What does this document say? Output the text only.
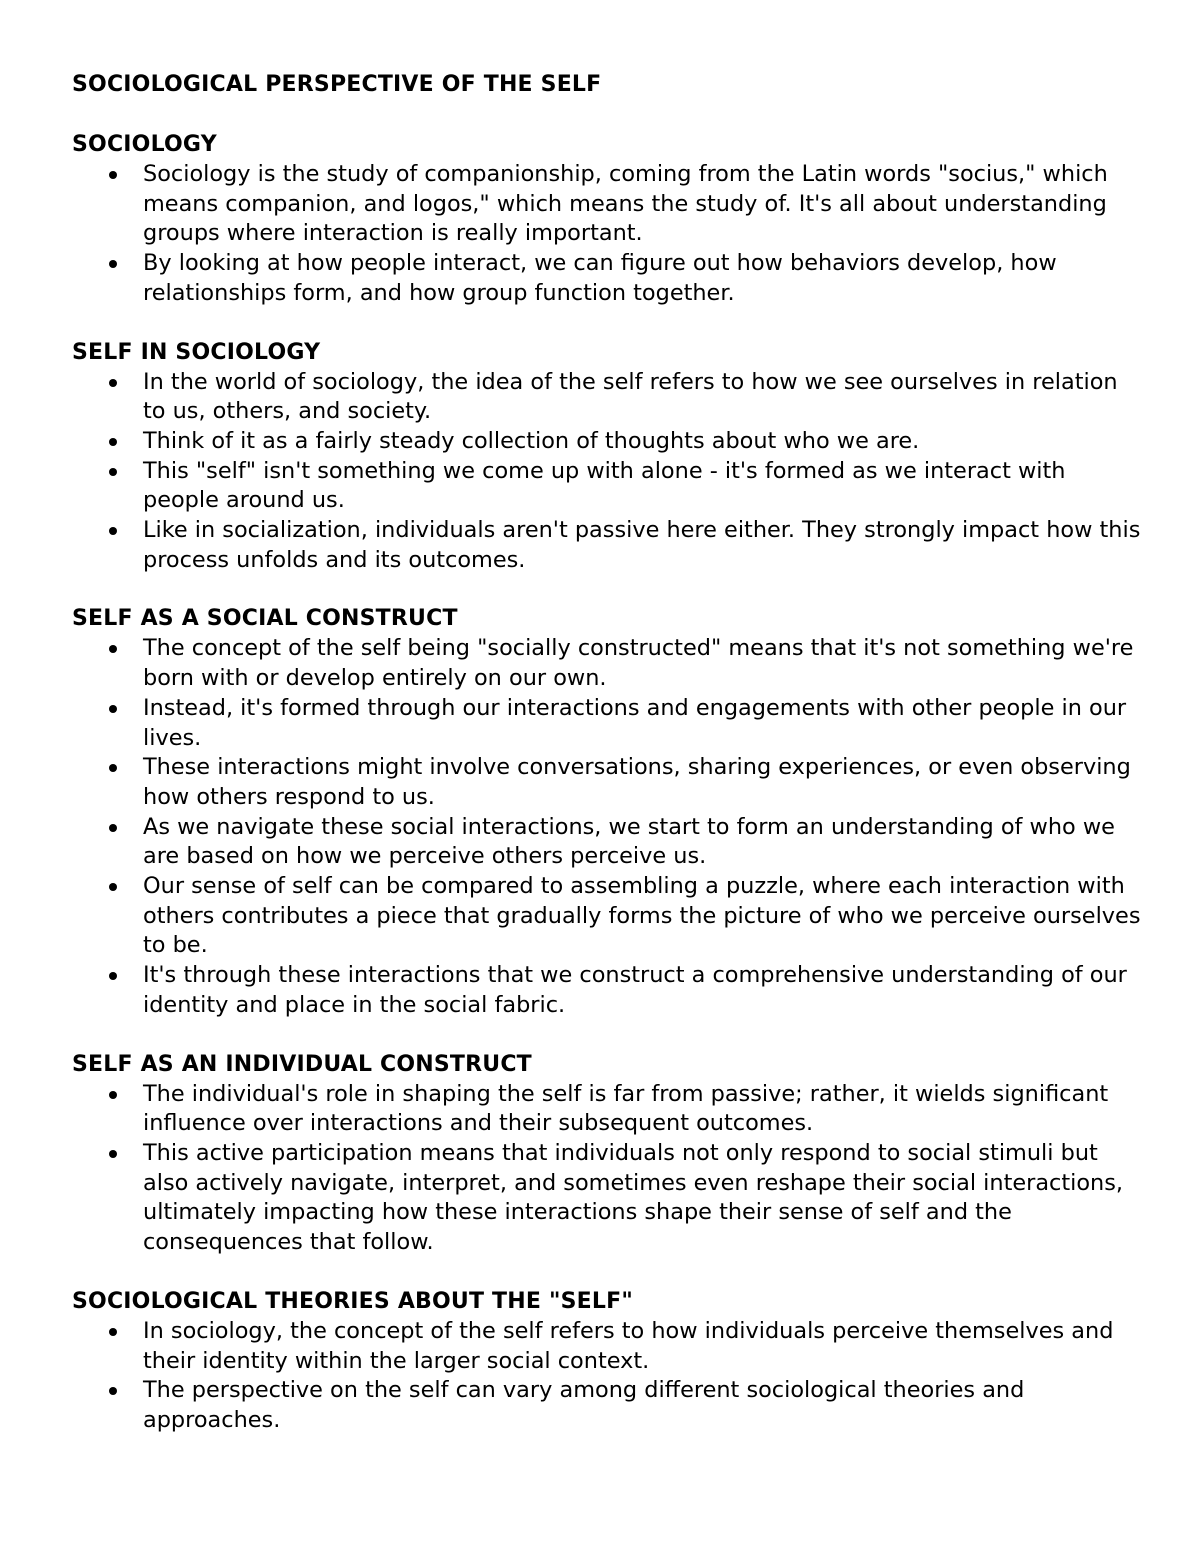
SOCIOLOGICAL PERSPECTIVE OF THE SELF
SOCIOLOGY
Sociology is the study of companionship, coming from the Latin words "socius," which means companion, and logos," which means the study of. It's all about understanding groups where interaction is really important.
By looking at how people interact, we can figure out how behaviors develop, how relationships form, and how group function together.
SELF IN SOCIOLOGY
In the world of sociology, the idea of the self refers to how we see ourselves in relation to us, others, and society.
Think of it as a fairly steady collection of thoughts about who we are.
This "self" isn't something we come up with alone - it's formed as we interact with people around us.
Like in socialization, individuals aren't passive here either. They strongly impact how this process unfolds and its outcomes.
SELF AS A SOCIAL CONSTRUCT
The concept of the self being "socially constructed" means that it's not something we're born with or develop entirely on our own.
Instead, it's formed through our interactions and engagements with other people in our lives.
These interactions might involve conversations, sharing experiences, or even observing how others respond to us.
As we navigate these social interactions, we start to form an understanding of who we are based on how we perceive others perceive us.
Our sense of self can be compared to assembling a puzzle, where each interaction with others contributes a piece that gradually forms the picture of who we perceive ourselves to be.
It's through these interactions that we construct a comprehensive understanding of our identity and place in the social fabric.
SELF AS AN INDIVIDUAL CONSTRUCT
The individual's role in shaping the self is far from passive; rather, it wields significant influence over interactions and their subsequent outcomes.
This active participation means that individuals not only respond to social stimuli but also actively navigate, interpret, and sometimes even reshape their social interactions, ultimately impacting how these interactions shape their sense of self and the consequences that follow.
SOCIOLOGICAL THEORIES ABOUT THE "SELF"
In sociology, the concept of the self refers to how individuals perceive themselves and their identity within the larger social context.
The perspective on the self can vary among different sociological theories and approaches.
